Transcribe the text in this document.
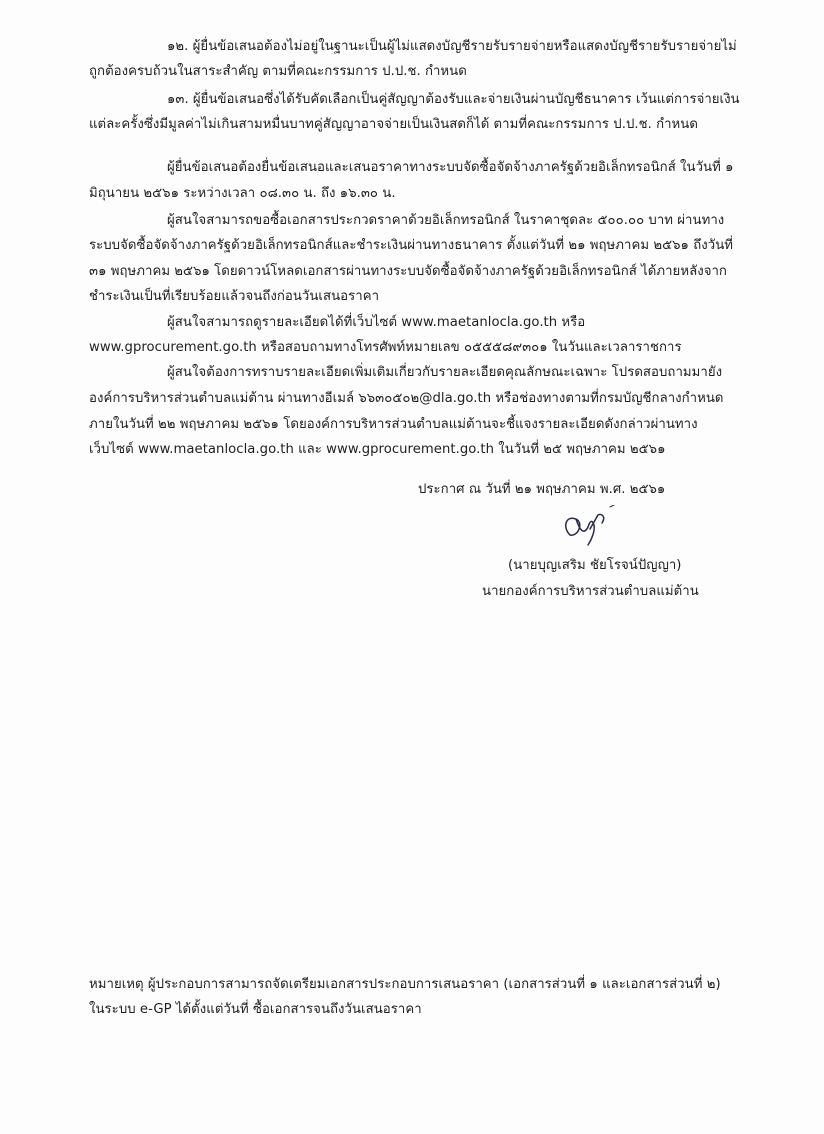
๑๒. ผู้ยื่นข้อเสนอต้องไม่อยู่ในฐานะเป็นผู้ไม่แสดงบัญชีรายรับรายจ่ายหรือแสดงบัญชีรายรับรายจ่ายไม่
ถูกต้องครบถ้วนในสาระสำคัญ ตามที่คณะกรรมการ ป.ป.ช. กำหนด
๑๓. ผู้ยื่นข้อเสนอซึ่งได้รับคัดเลือกเป็นคู่สัญญาต้องรับและจ่ายเงินผ่านบัญชีธนาคาร เว้นแต่การจ่ายเงิน
แต่ละครั้งซึ่งมีมูลค่าไม่เกินสามหมื่นบาทคู่สัญญาอาจจ่ายเป็นเงินสดก็ได้ ตามที่คณะกรรมการ ป.ป.ช. กำหนด
ผู้ยื่นข้อเสนอต้องยื่นข้อเสนอและเสนอราคาทางระบบจัดซื้อจัดจ้างภาครัฐด้วยอิเล็กทรอนิกส์ ในวันที่ ๑
มิถุนายน ๒๕๖๑ ระหว่างเวลา ๐๘.๓๐ น. ถึง ๑๖.๓๐ น.
ผู้สนใจสามารถขอซื้อเอกสารประกวดราคาด้วยอิเล็กทรอนิกส์ ในราคาชุดละ ๕๐๐.๐๐ บาท ผ่านทาง
ระบบจัดซื้อจัดจ้างภาครัฐด้วยอิเล็กทรอนิกส์และชำระเงินผ่านทางธนาคาร ตั้งแต่วันที่ ๒๑ พฤษภาคม ๒๕๖๑ ถึงวันที่
๓๑ พฤษภาคม ๒๕๖๑ โดยดาวน์โหลดเอกสารผ่านทางระบบจัดซื้อจัดจ้างภาครัฐด้วยอิเล็กทรอนิกส์ ได้ภายหลังจาก
ชำระเงินเป็นที่เรียบร้อยแล้วจนถึงก่อนวันเสนอราคา
ผู้สนใจสามารถดูรายละเอียดได้ที่เว็บไซต์ www.maetanlocla.go.th หรือ
www.gprocurement.go.th หรือสอบถามทางโทรศัพท์หมายเลข ๐๕๕๕๘๙๓๐๑ ในวันและเวลาราชการ
ผู้สนใจต้องการทราบรายละเอียดเพิ่มเติมเกี่ยวกับรายละเอียดคุณลักษณะเฉพาะ โปรดสอบถามมายัง
องค์การบริหารส่วนตำบลแม่ต้าน ผ่านทางอีเมล์ ๖๖๓๐๕๐๒@dla.go.th หรือช่องทางตามที่กรมบัญชีกลางกำหนด
ภายในวันที่ ๒๒ พฤษภาคม ๒๕๖๑ โดยองค์การบริหารส่วนตำบลแม่ต้านจะชี้แจงรายละเอียดดังกล่าวผ่านทาง
เว็บไซต์ www.maetanlocla.go.th และ www.gprocurement.go.th ในวันที่ ๒๕ พฤษภาคม ๒๕๖๑
ประกาศ ณ วันที่ ๒๑ พฤษภาคม พ.ศ. ๒๕๖๑
(นายบุญเสริม ชัยโรจน์ปัญญา)
นายกองค์การบริหารส่วนตำบลแม่ต้าน
หมายเหตุ ผู้ประกอบการสามารถจัดเตรียมเอกสารประกอบการเสนอราคา (เอกสารส่วนที่ ๑ และเอกสารส่วนที่ ๒)
ในระบบ e-GP ได้ตั้งแต่วันที่ ซื้อเอกสารจนถึงวันเสนอราคา
